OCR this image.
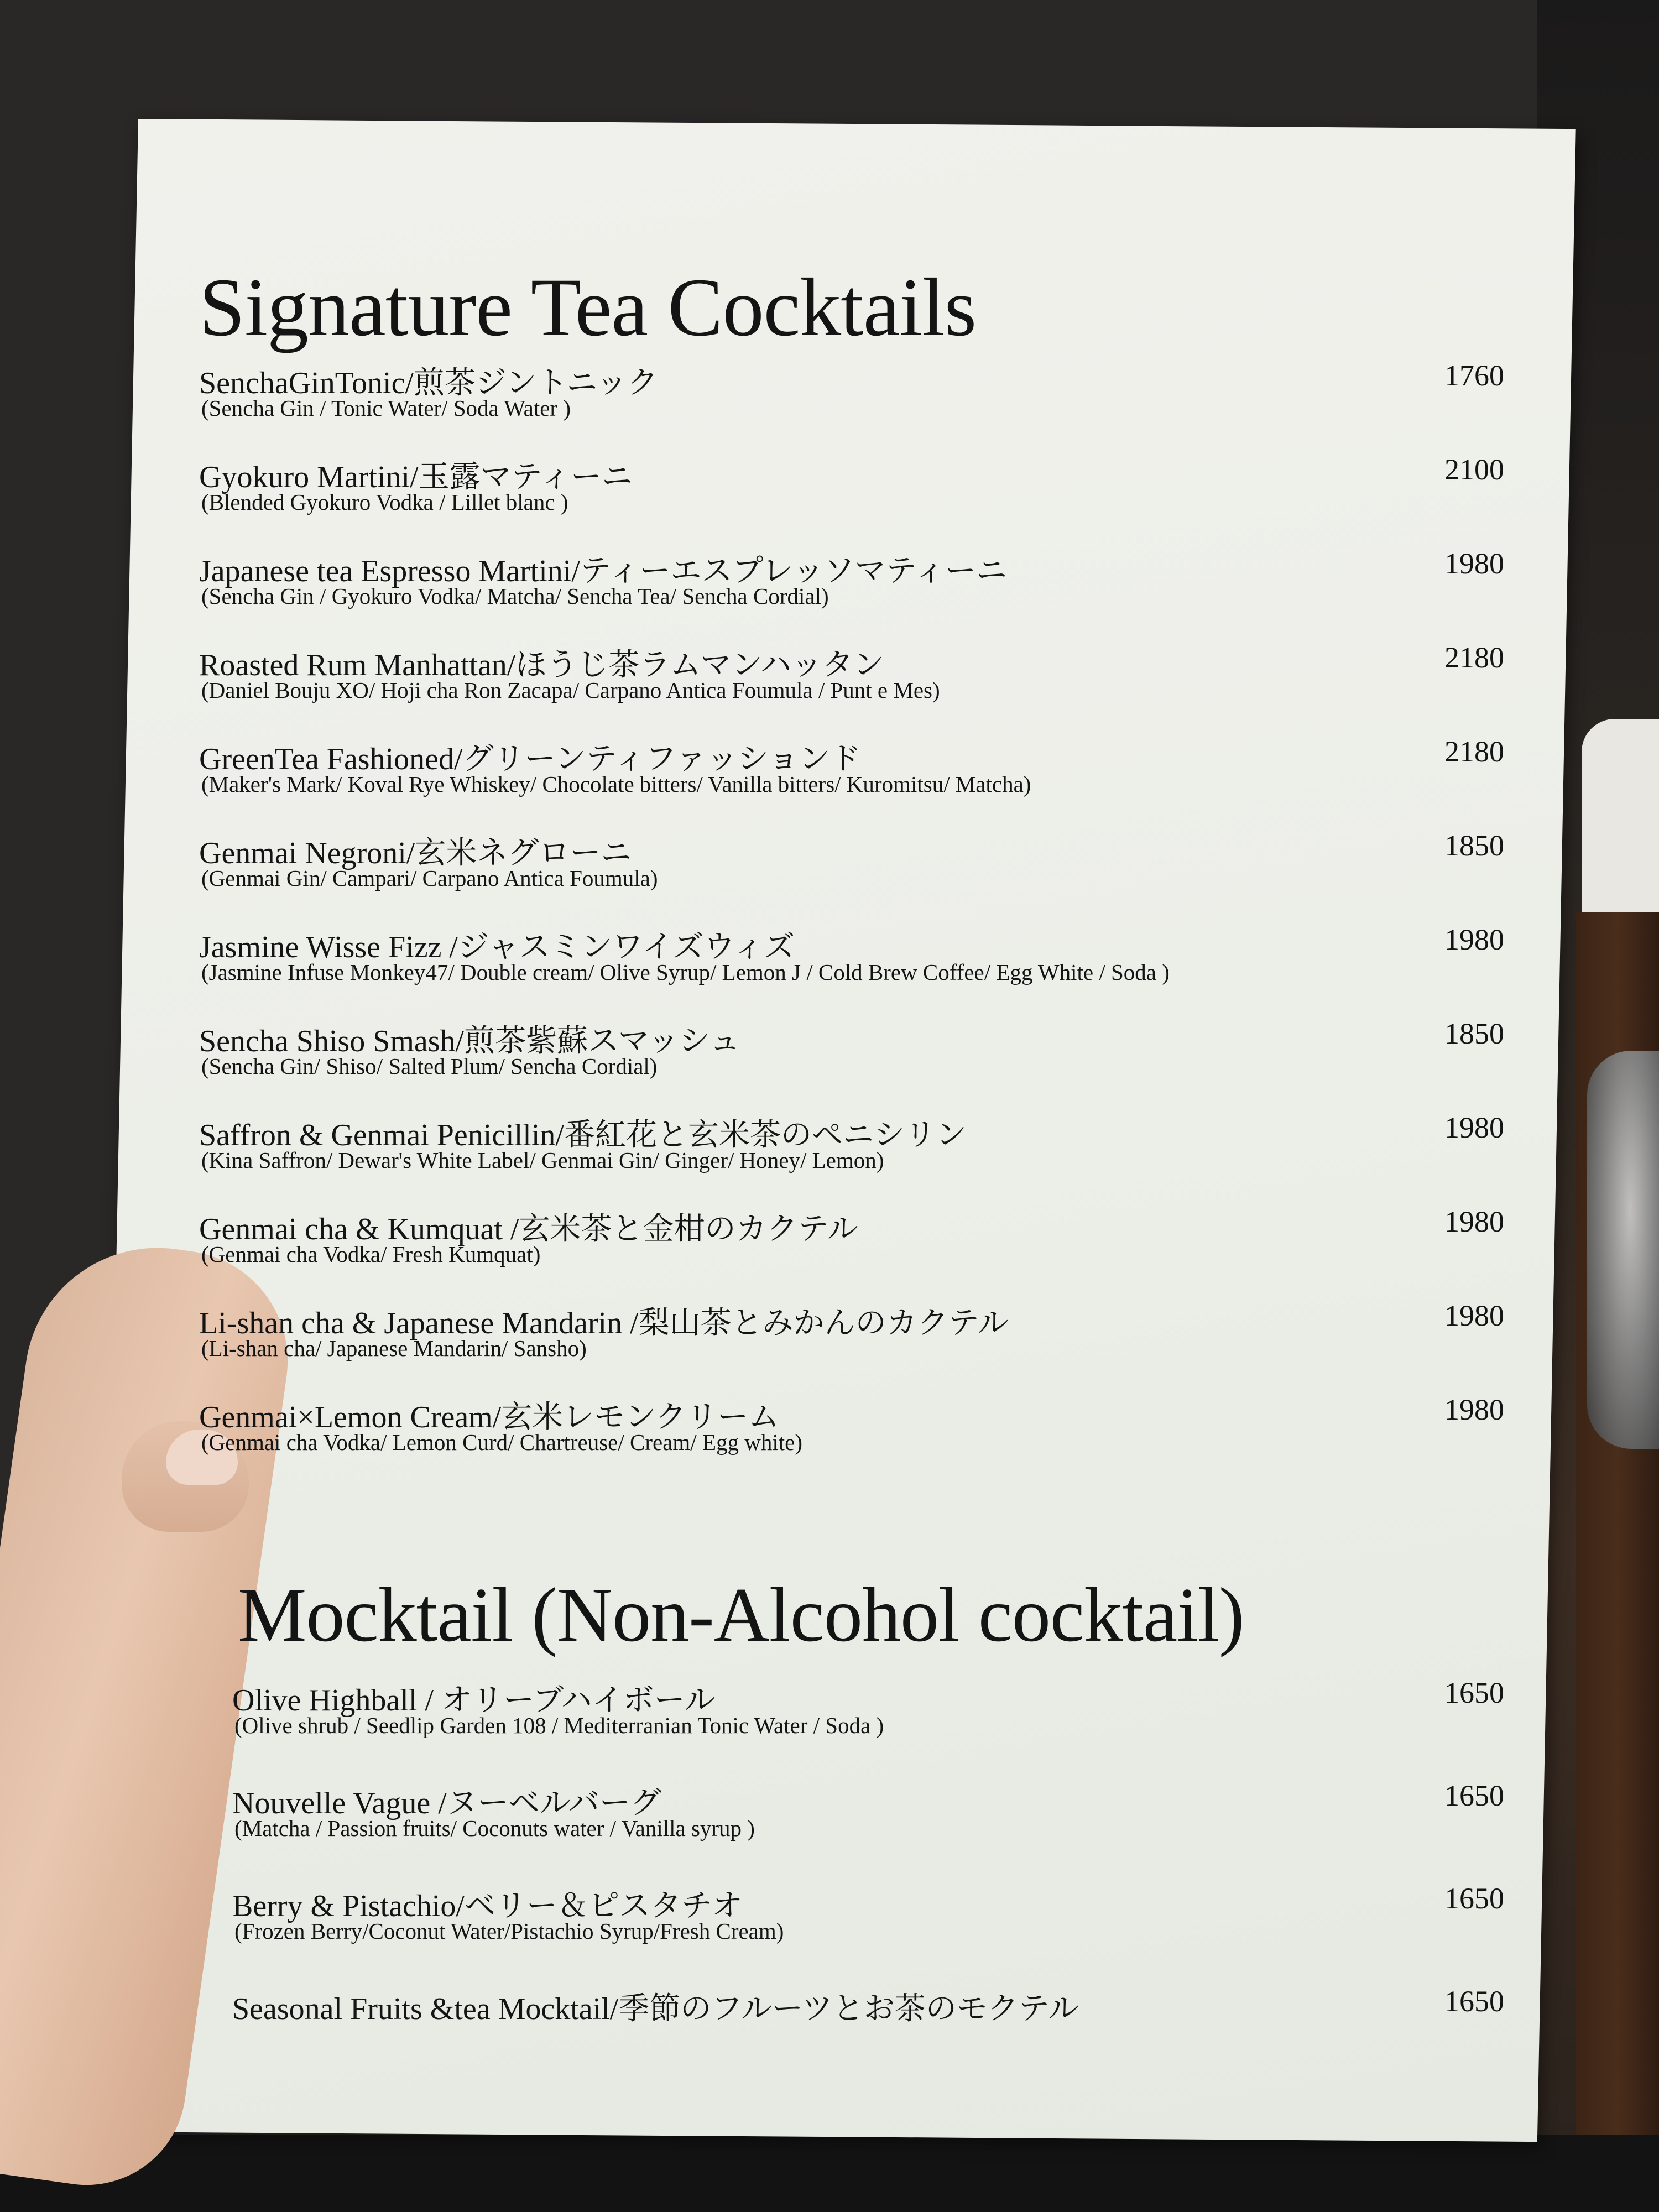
Signature Tea Cocktails
SenchaGinTonic/煎茶ジントニック
(Sencha Gin / Tonic Water/ Soda Water )
1760
Gyokuro Martini/玉露マティーニ
(Blended Gyokuro Vodka / Lillet blanc )
2100
Japanese tea Espresso Martini/ティーエスプレッソマティーニ
(Sencha Gin / Gyokuro Vodka/ Matcha/ Sencha Tea/ Sencha Cordial)
1980
Roasted Rum Manhattan/ほうじ茶ラムマンハッタン
(Daniel Bouju XO/ Hoji cha Ron Zacapa/ Carpano Antica Foumula / Punt e Mes)
2180
GreenTea Fashioned/グリーンティファッションド
(Maker's Mark/ Koval Rye Whiskey/ Chocolate bitters/ Vanilla bitters/ Kuromitsu/ Matcha)
2180
Genmai Negroni/玄米ネグローニ
(Genmai Gin/ Campari/ Carpano Antica Foumula)
1850
Jasmine Wisse Fizz /ジャスミンワイズウィズ
(Jasmine Infuse Monkey47/ Double cream/ Olive Syrup/ Lemon J / Cold Brew Coffee/ Egg White / Soda )
1980
Sencha Shiso Smash/煎茶紫蘇スマッシュ
(Sencha Gin/ Shiso/ Salted Plum/ Sencha Cordial)
1850
Saffron & Genmai Penicillin/番紅花と玄米茶のペニシリン
(Kina Saffron/ Dewar's White Label/ Genmai Gin/ Ginger/ Honey/ Lemon)
1980
Genmai cha & Kumquat /玄米茶と金柑のカクテル
(Genmai cha Vodka/ Fresh Kumquat)
1980
Li-shan cha & Japanese Mandarin /梨山茶とみかんのカクテル
(Li-shan cha/ Japanese Mandarin/ Sansho)
1980
Genmai×Lemon Cream/玄米レモンクリーム
(Genmai cha Vodka/ Lemon Curd/ Chartreuse/ Cream/ Egg white)
1980
Mocktail (Non-Alcohol cocktail)
Olive Highball / オリーブハイボール
(Olive shrub / Seedlip Garden 108 / Mediterranian Tonic Water / Soda )
1650
Nouvelle Vague /ヌーベルバーグ
(Matcha / Passion fruits/ Coconuts water / Vanilla syrup )
1650
Berry & Pistachio/ベリー＆ピスタチオ
(Frozen Berry/Coconut Water/Pistachio Syrup/Fresh Cream)
1650
Seasonal Fruits &tea Mocktail/季節のフルーツとお茶のモクテル	1650
